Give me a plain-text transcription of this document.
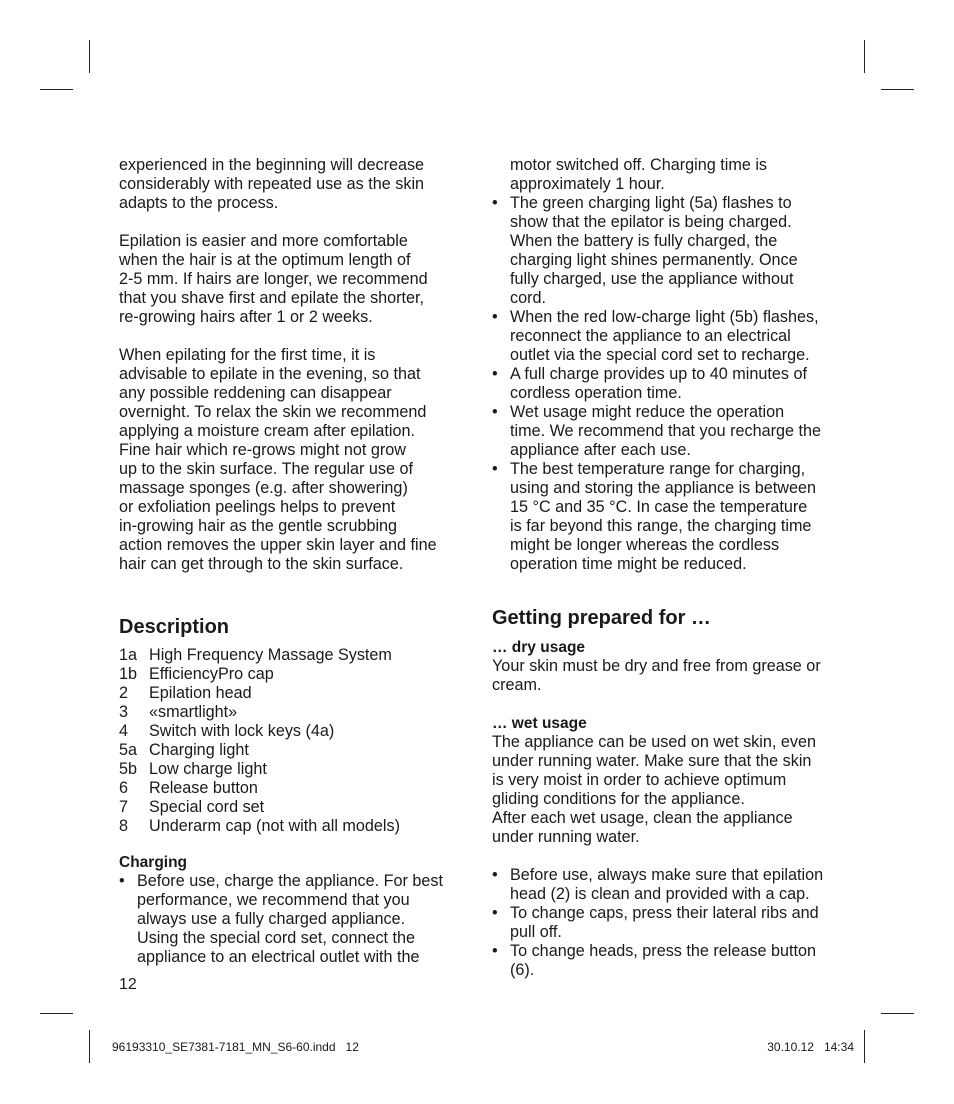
experienced in the beginning will decrease
considerably with repeated use as the skin
adapts to the process.

Epilation is easier and more comfortable
when the hair is at the optimum length of
2-5 mm. If hairs are longer, we recommend
that you shave first and epilate the shorter,
re-growing hairs after 1 or 2 weeks.

When epilating for the first time, it is
advisable to epilate in the evening, so that
any possible reddening can disappear
overnight. To relax the skin we recommend
applying a moisture cream after epilation.
Fine hair which re-grows might not grow
up to the skin surface. The regular use of
massage sponges (e.g. after showering)
or exfoliation peelings helps to prevent
in-growing hair as the gentle scrubbing
action removes the upper skin layer and fine
hair can get through to the skin surface.

Description
1a High Frequency Massage System
1b EfficiencyPro cap
2	Epilation head
3	«smartlight»
4	Switch with lock keys (4a)
5a Charging light
5b Low charge light
6	Release button
7	Special cord set
8	Underarm cap (not with all models)

Charging

• Before use, charge the appliance. For best
performance, we recommend that you
always use a fully charged appliance.
Using the special cord set, connect the
appliance to an electrical outlet with the
motor switched off. Charging time is
approximately 1 hour.
• The green charging light (5a) flashes to
show that the epilator is being charged.
When the battery is fully charged, the
charging light shines permanently. Once
fully charged, use the appliance without
cord.
• When the red low-charge light (5b) flashes,
reconnect the appliance to an electrical
outlet via the special cord set to recharge.
• A full charge provides up to 40 minutes of
cordless operation time.
• Wet usage might reduce the operation
time. We recommend that you recharge the
appliance after each use.
• The best temperature range for charging,
using and storing the appliance is between
15 °C and 35 °C. In case the temperature
is far beyond this range, the charging time
might be longer whereas the cordless
operation time might be reduced.
Getting prepared for …

… dry usage

Your skin must be dry and free from grease or
cream.

… wet usage

The appliance can be used on wet skin, even
under running water. Make sure that the skin
is very moist in order to achieve optimum
gliding conditions for the appliance.
After each wet usage, clean the appliance
under running water.

• Before use, always make sure that epilation
head (2) is clean and provided with a cap.
• To change caps, press their lateral ribs and
pull off.
• To change heads, press the release button
(6).
12
96193310_SE7381-7181_MN_S6-60.indd   12	30.10.12   14:34
